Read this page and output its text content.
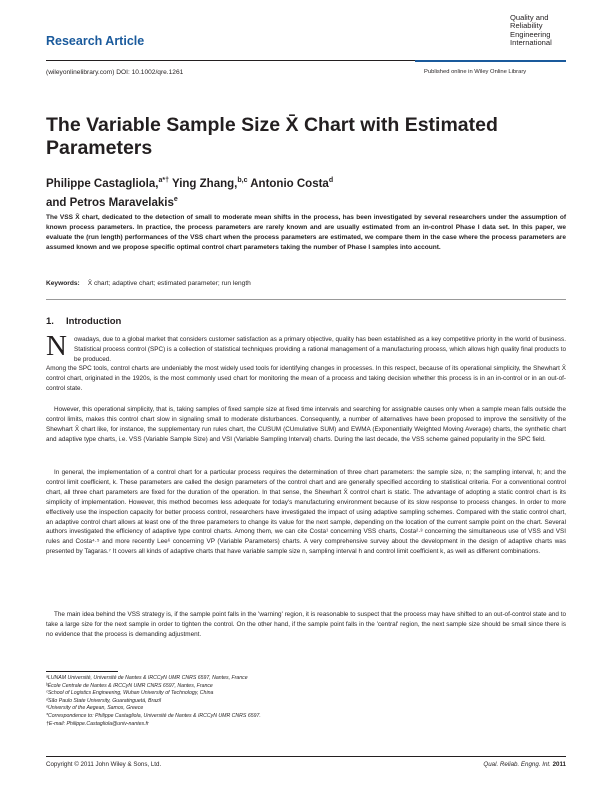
Research Article
Quality and
Reliability
Engineering
International
(wileyonlinelibrary.com) DOI: 10.1002/qre.1261	Published online in Wiley Online Library
The Variable Sample Size X̄ Chart with Estimated Parameters
Philippe Castagliola,$^{a*\dagger}$ Ying Zhang,$^{b,c}$ Antonio Costa$^d$
and Petros Maravelakis$^e$
The VSS X̄ chart, dedicated to the detection of small to moderate mean shifts in the process, has been investigated by several researchers under the assumption of known process parameters. In practice, the process parameters are rarely known and are usually estimated from an in-control Phase I data set. In this paper, we evaluate the (run length) performances of the VSS chart when the process parameters are estimated, we compare them in the case where the process parameters are assumed known and we propose specific optimal control chart parameters taking the number of Phase I samples into account.
Keywords: X̄ chart; adaptive chart; estimated parameter; run length
1. Introduction
N owadays, due to a global market that considers customer satisfaction as a primary objective, quality has been established as a key competitive priority in the world of business. Statistical process control (SPC) is a collection of statistical techniques providing a rational management of a manufacturing process, which allows high quality final products to be produced.
Among the SPC tools, control charts are undeniably the most widely used tools for identifying changes in processes. In this respect, because of its operational simplicity, the Shewhart X̄ control chart, originated in the 1920s, is the most commonly used chart for monitoring the mean of a process and taking decision whether this process is in an in-control or in an out-of-control state.

However, this operational simplicity, that is, taking samples of fixed sample size at fixed time intervals and searching for assignable causes only when a sample mean falls outside the control limits, makes this control chart slow in signaling small to moderate disturbances. Consequently, a number of alternatives have been proposed to improve the sensitivity of the Shewhart X̄ chart like, for instance, the supplementary run rules chart, the CUSUM (CUmulative SUM) and EWMA (Exponentially Weighted Moving Average) charts, the synthetic chart and adaptive type charts, i.e. VSS (Variable Sample Size) and VSI (Variable Sampling Interval) charts. During the last decade, the VSS scheme gained popularity in the SPC field.

In general, the implementation of a control chart for a particular process requires the determination of three chart parameters: the sample size, n; the sampling interval, h; and the control limit coefficient, k. These parameters are called the design parameters of the control chart and are generally specified according to statistical criteria. For a conventional control chart, all three chart parameters are fixed for the duration of the operation. In that sense, the Shewhart X̄ control chart is static. The advantage of adopting a static control chart is its simplicity of implementation. However, this method becomes less adequate for today's manufacturing environment because of its slow response to process changes. In order to more effectively use the inspection capacity for better process control, researchers have investigated the impact of using adaptive sampling schemes. Compared with the static control chart, an adaptive control chart allows at least one of the three parameters to change its value for the next sample, depending on the location of the current sample point on the chart. Several authors investigated the efficiency of adaptive type control charts. Among them, we can cite Costa¹ concerning VSS charts, Costa²·³ concerning the simultaneous use of VSS and VSI rules and Costa⁴·⁵ and more recently Lee⁶ concerning VP (Variable Parameters) charts. A very comprehensive survey about the development in the design of adaptive charts was presented by Tagaras.⁷ It covers all kinds of adaptive charts that have variable sample size n, sampling interval h and control limit coefficient k, as well as different combinations.

The main idea behind the VSS strategy is, if the sample point falls in the 'warning' region, it is reasonable to suspect that the process may have shifted to an out-of-control state and to take a large size for the next sample in order to tighten the control. On the other hand, if the sample point falls in the 'central' region, the next sample size should be small since there is no evidence that the process is demanding adjustment.

ᵃLUNAM Université, Université de Nantes & IRCCyN UMR CNRS 6597, Nantes, France
ᵇÉcole Centrale de Nantes & IRCCyN UMR CNRS 6597, Nantes, France
ᶜSchool of Logistics Engineering, Wuhan University of Technology, China
ᵈSão Paulo State University, Guaratinguetá, Brazil
ᵉUniversity of the Aegean, Samos, Greece
*Correspondence to: Philippe Castagliola, Université de Nantes & IRCCyN UMR CNRS 6597.
†E-mail: Philippe.Castagliola@univ-nantes.fr
Copyright © 2011 John Wiley & Sons, Ltd.	Qual. Reliab. Engng. Int. 2011
